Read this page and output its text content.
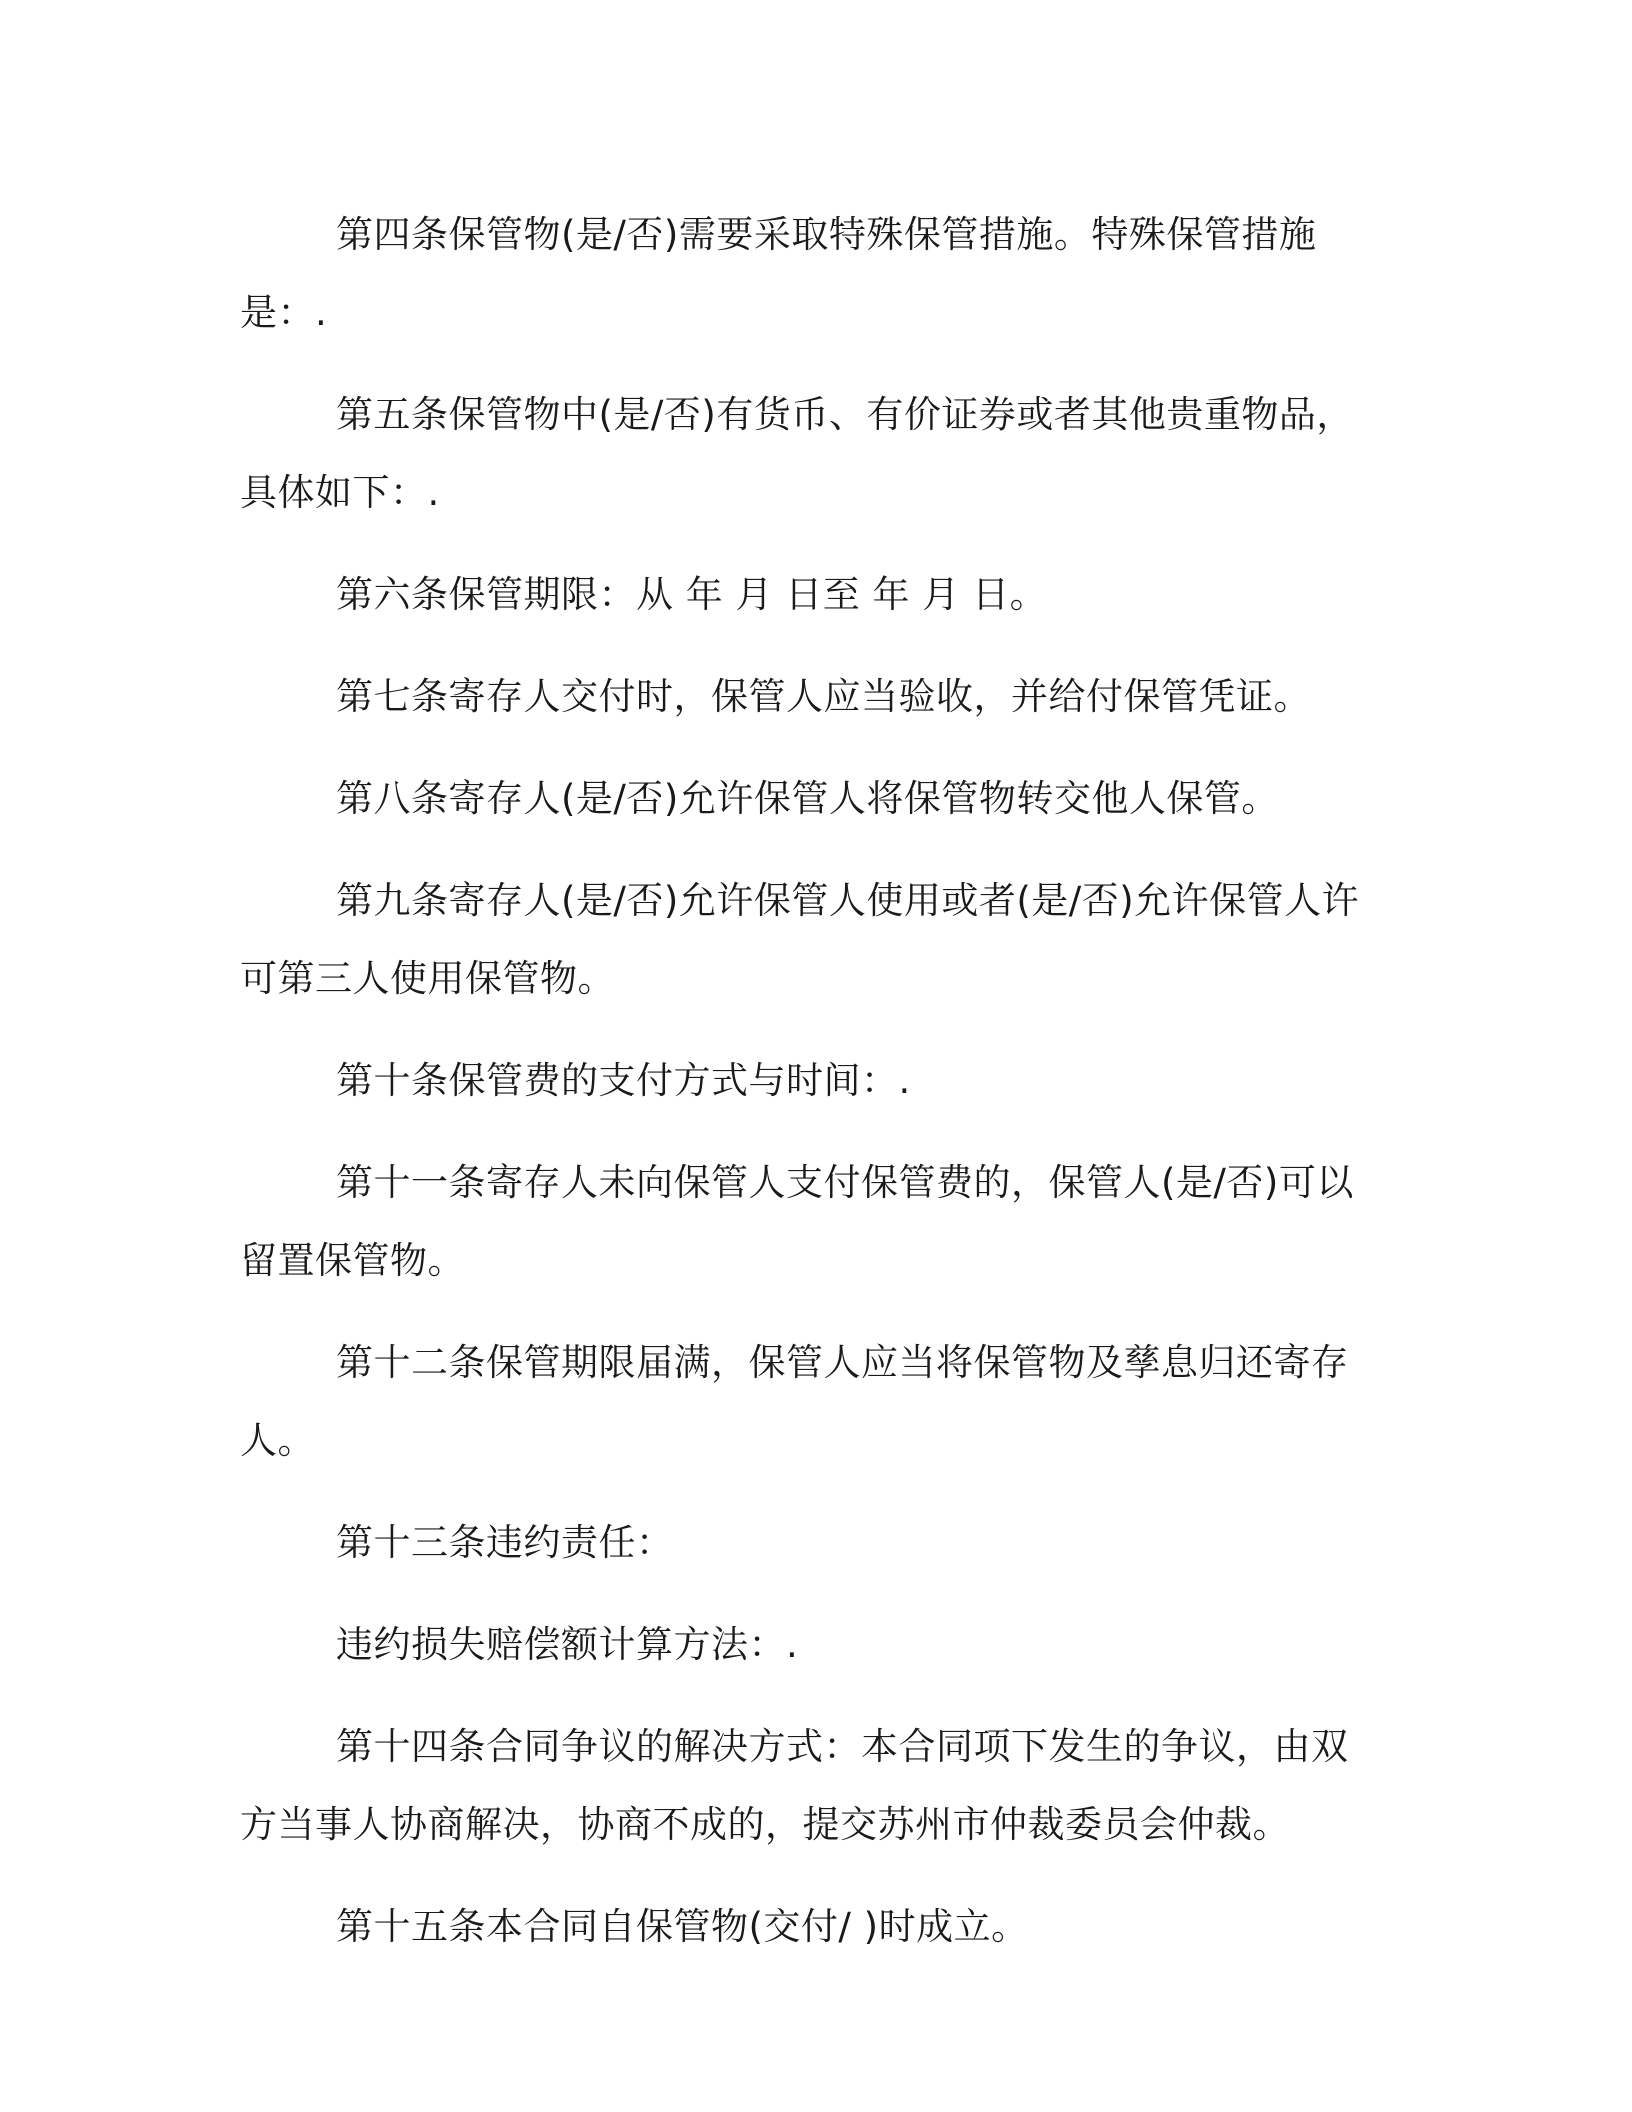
第四条保管物(是/否)需要采取特殊保管措施。特殊保管措施是：.

第五条保管物中(是/否)有货币、有价证券或者其他贵重物品，具体如下：.

第六条保管期限：从 年 月 日至 年 月 日。

第七条寄存人交付时，保管人应当验收，并给付保管凭证。

第八条寄存人(是/否)允许保管人将保管物转交他人保管。

第九条寄存人(是/否)允许保管人使用或者(是/否)允许保管人许可第三人使用保管物。

第十条保管费的支付方式与时间：.

第十一条寄存人未向保管人支付保管费的，保管人(是/否)可以留置保管物。

第十二条保管期限届满，保管人应当将保管物及孳息归还寄存人。

第十三条违约责任：

违约损失赔偿额计算方法：.

第十四条合同争议的解决方式：本合同项下发生的争议，由双方当事人协商解决，协商不成的，提交苏州市仲裁委员会仲裁。

第十五条本合同自保管物(交付/ )时成立。
